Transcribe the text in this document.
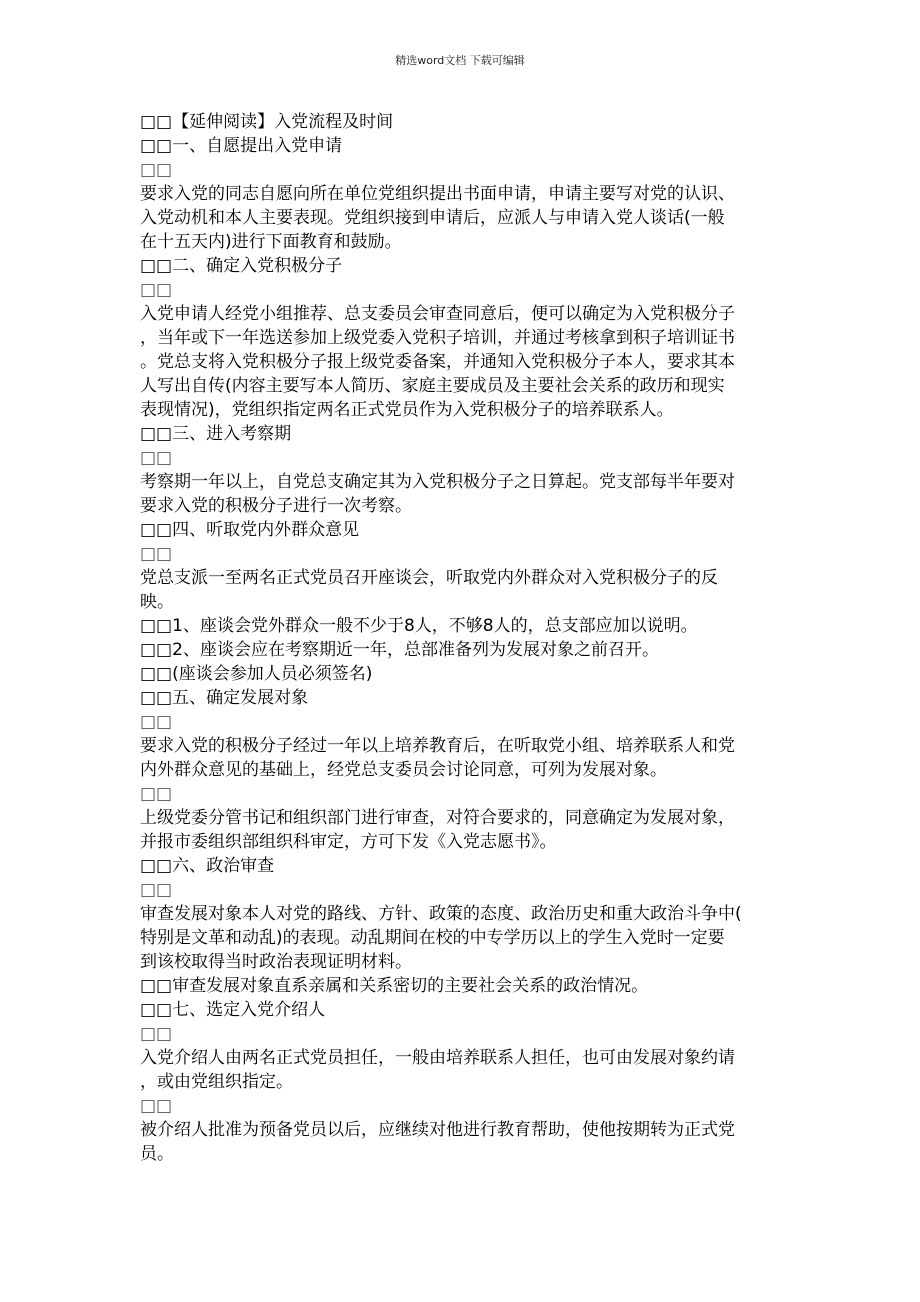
精选word文档 下载可编辑

□□【延伸阅读】入党流程及时间

□□一、自愿提出入党申请

□□

要求入党的同志自愿向所在单位党组织提出书面申请，申请主要写对党的认识、

入党动机和本人主要表现。党组织接到申请后，应派人与申请入党人谈话(一般

在十五天内)进行下面教育和鼓励。

□□二、确定入党积极分子

□□

入党申请人经党小组推荐、总支委员会审查同意后，便可以确定为入党积极分子

，当年或下一年选送参加上级党委入党积子培训，并通过考核拿到积子培训证书

。党总支将入党积极分子报上级党委备案，并通知入党积极分子本人，要求其本

人写出自传(内容主要写本人简历、家庭主要成员及主要社会关系的政历和现实

表现情况)，党组织指定两名正式党员作为入党积极分子的培养联系人。

□□三、进入考察期

□□

考察期一年以上，自党总支确定其为入党积极分子之日算起。党支部每半年要对

要求入党的积极分子进行一次考察。

□□四、听取党内外群众意见

□□

党总支派一至两名正式党员召开座谈会，听取党内外群众对入党积极分子的反

映。

□□1、座谈会党外群众一般不少于8人，不够8人的，总支部应加以说明。

□□2、座谈会应在考察期近一年，总部准备列为发展对象之前召开。

□□(座谈会参加人员必须签名)

□□五、确定发展对象

□□

要求入党的积极分子经过一年以上培养教育后，在听取党小组、培养联系人和党

内外群众意见的基础上，经党总支委员会讨论同意，可列为发展对象。

□□

上级党委分管书记和组织部门进行审查，对符合要求的，同意确定为发展对象，

并报市委组织部组织科审定，方可下发《入党志愿书》。

□□六、政治审查

□□

审查发展对象本人对党的路线、方针、政策的态度、政治历史和重大政治斗争中(

特别是文革和动乱)的表现。动乱期间在校的中专学历以上的学生入党时一定要

到该校取得当时政治表现证明材料。

□□审查发展对象直系亲属和关系密切的主要社会关系的政治情况。

□□七、选定入党介绍人

□□

入党介绍人由两名正式党员担任，一般由培养联系人担任，也可由发展对象约请

，或由党组织指定。

□□

被介绍人批准为预备党员以后，应继续对他进行教育帮助，使他按期转为正式党

员。
